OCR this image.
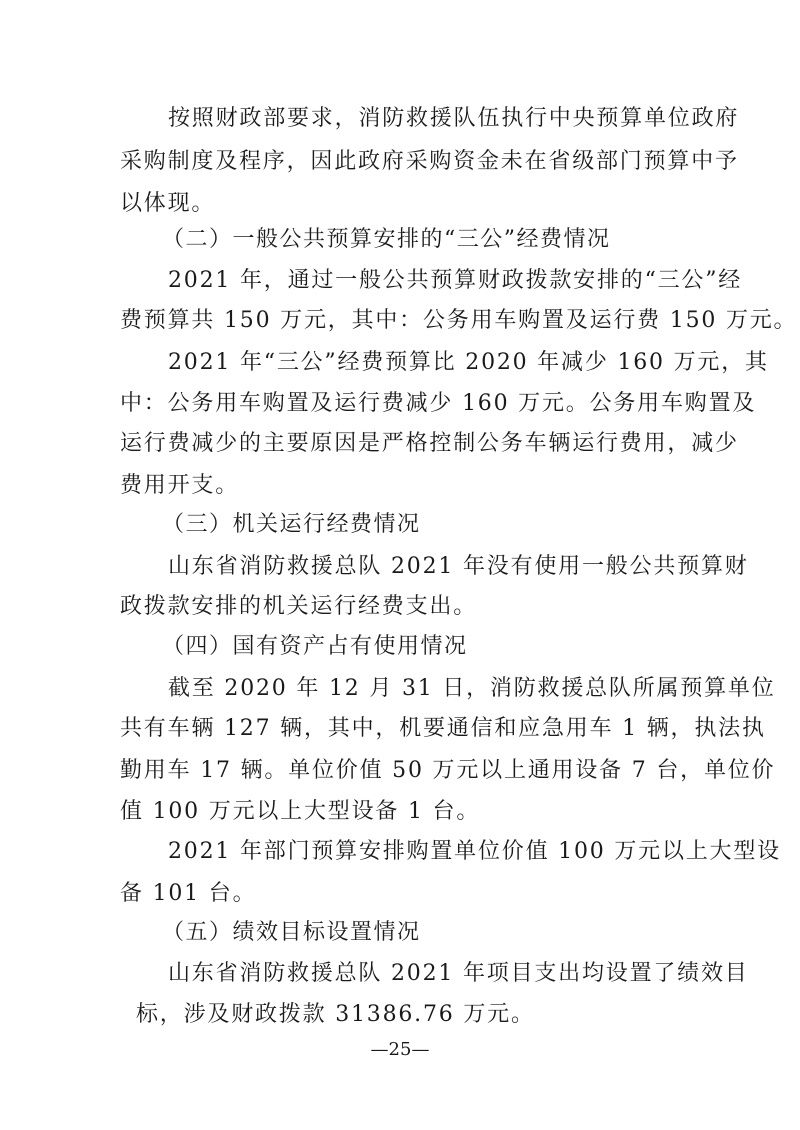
按照财政部要求，消防救援队伍执行中央预算单位政府
采购制度及程序，因此政府采购资金未在省级部门预算中予
以体现。
（二）一般公共预算安排的“三公”经费情况
2021 年，通过一般公共预算财政拨款安排的“三公”经
费预算共 150 万元，其中：公务用车购置及运行费 150 万元。
2021 年“三公”经费预算比 2020 年减少 160 万元，其
中：公务用车购置及运行费减少 160 万元。公务用车购置及
运行费减少的主要原因是严格控制公务车辆运行费用，减少
费用开支。
（三）机关运行经费情况
山东省消防救援总队 2021 年没有使用一般公共预算财
政拨款安排的机关运行经费支出。
（四）国有资产占有使用情况
截至 2020 年 12 月 31 日，消防救援总队所属预算单位
共有车辆 127 辆，其中，机要通信和应急用车 1 辆，执法执
勤用车 17 辆。单位价值 50 万元以上通用设备 7 台，单位价
值 100 万元以上大型设备 1 台。
2021 年部门预算安排购置单位价值 100 万元以上大型设
备 101 台。
（五）绩效目标设置情况
山东省消防救援总队 2021 年项目支出均设置了绩效目
标，涉及财政拨款 31386.76 万元。
—25—
